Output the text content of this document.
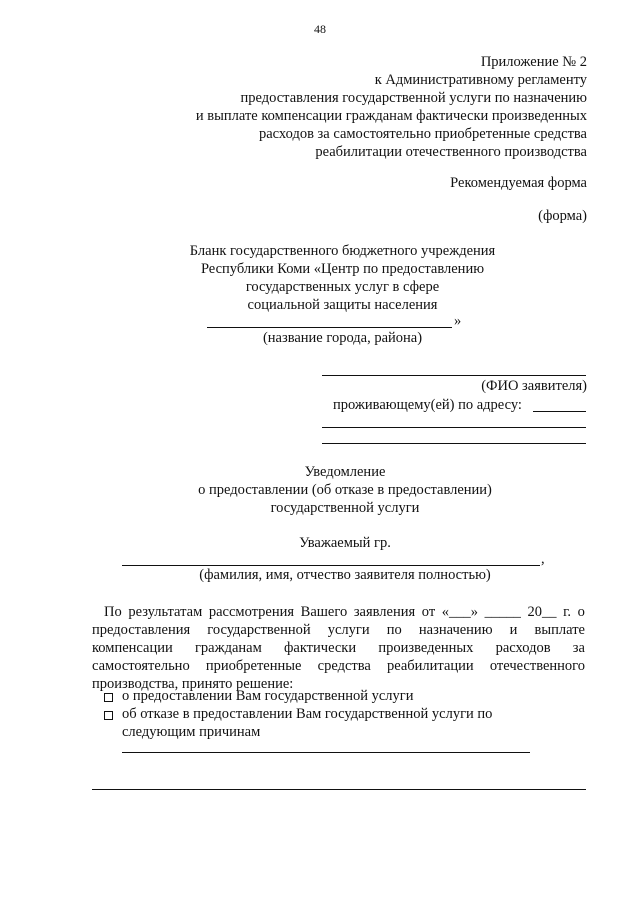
48
Приложение № 2
к Административному регламенту
предоставления государственной услуги по назначению
и выплате компенсации гражданам фактически произведенных
расходов за самостоятельно приобретенные средства
реабилитации отечественного производства
Рекомендуемая форма
(форма)
Бланк государственного бюджетного учреждения
Республики Коми «Центр по предоставлению
государственных услуг в сфере
социальной защиты населения
»
(название города, района)
(ФИО заявителя)
проживающему(ей) по адресу:
Уведомление
о предоставлении (об отказе в предоставлении)
государственной услуги
Уважаемый гр.
,
(фамилия, имя, отчество заявителя полностью)
По результатам рассмотрения Вашего заявления от «___» _____ 20__ г. о
предоставления государственной услуги по назначению и выплате
компенсации гражданам фактически произведенных расходов за
самостоятельно приобретенные средства реабилитации отечественного
производства, принято решение:
о предоставлении Вам государственной услуги
об отказе в предоставлении Вам государственной услуги по
следующим причинам
